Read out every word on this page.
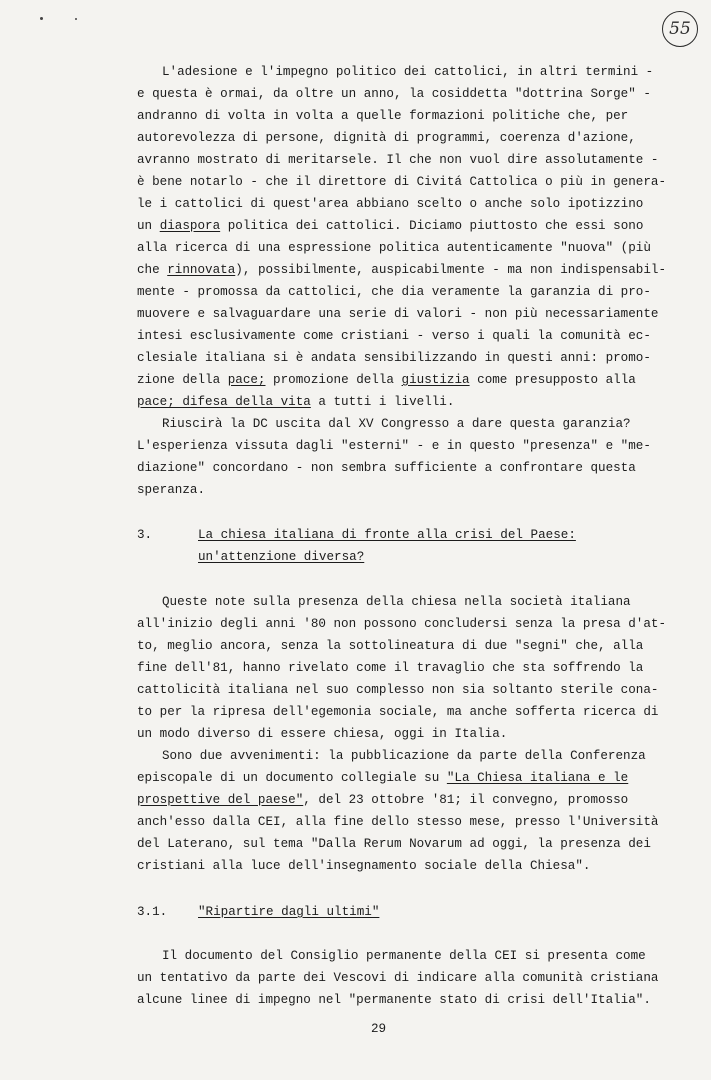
55
L'adesione e l'impegno politico dei cattolici, in altri termini -
e questa è ormai, da oltre un anno, la cosiddetta "dottrina Sorge" -
andranno di volta in volta a quelle formazioni politiche che, per
autorevolezza di persone, dignità di programmi, coerenza d'azione,
avranno mostrato di meritarsele. Il che non vuol dire assolutamente -
è bene notarlo - che il direttore di Civitá Cattolica o più in genera-
le i cattolici di quest'area abbiano scelto o anche solo ipotizzino
un diaspora politica dei cattolici. Diciamo piuttosto che essi sono
alla ricerca di una espressione politica autenticamente "nuova" (più
che rinnovata), possibilmente, auspicabilmente - ma non indispensabil-
mente - promossa da cattolici, che dia veramente la garanzia di pro-
muovere e salvaguardare una serie di valori - non più necessariamente
intesi esclusivamente come cristiani - verso i quali la comunità ec-
clesiale italiana si è andata sensibilizzando in questi anni: promo-
zione della pace; promozione della giustizia come presupposto alla
pace; difesa della vita a tutti i livelli.
Riuscirà la DC uscita dal XV Congresso a dare questa garanzia?
L'esperienza vissuta dagli "esterni" - e in questo "presenza" e "me-
diazione" concordano - non sembra sufficiente a confrontare questa
speranza.
3.	La chiesa italiana di fronte alla crisi del Paese:
un'attenzione diversa?
Queste note sulla presenza della chiesa nella società italiana
all'inizio degli anni '80 non possono concludersi senza la presa d'at-
to, meglio ancora, senza la sottolineatura di due "segni" che, alla
fine dell'81, hanno rivelato come il travaglio che sta soffrendo la
cattolicità italiana nel suo complesso non sia soltanto sterile cona-
to per la ripresa dell'egemonia sociale, ma anche sofferta ricerca di
un modo diverso di essere chiesa, oggi in Italia.
Sono due avvenimenti: la pubblicazione da parte della Conferenza
episcopale di un documento collegiale su "La Chiesa italiana e le
prospettive del paese", del 23 ottobre '81; il convegno, promosso
anch'esso dalla CEI, alla fine dello stesso mese, presso l'Università
del Laterano, sul tema "Dalla Rerum Novarum ad oggi, la presenza dei
cristiani alla luce dell'insegnamento sociale della Chiesa".
3.1. "Ripartire dagli ultimi"
Il documento del Consiglio permanente della CEI si presenta come
un tentativo da parte dei Vescovi di indicare alla comunità cristiana
alcune linee di impegno nel "permanente stato di crisi dell'Italia".
29
